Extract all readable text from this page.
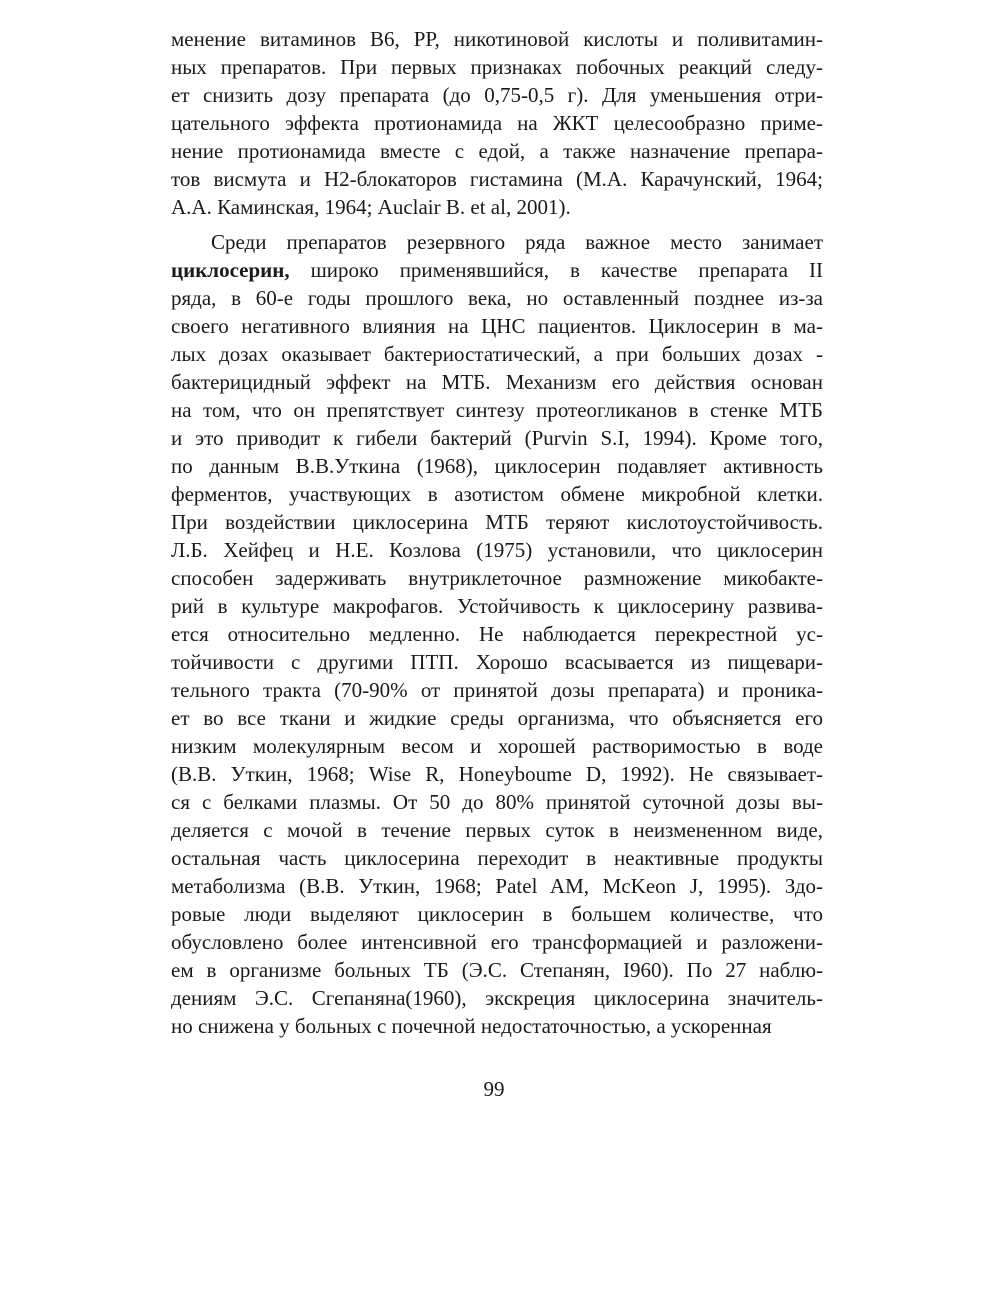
менение витаминов В6, РР, никотиновой кислоты и поливитамин-
ных препаратов. При первых признаках побочных реакций следу-
ет снизить дозу препарата (до 0,75-0,5 г). Для уменьшения отри-
цательного эффекта протионамида на ЖКТ целесообразно приме-
нение протионамида вместе с едой, а также назначение препара-
тов висмута и Н2-блокаторов гистамина (М.А. Карачунский, 1964;
А.А. Каминская, 1964; Auclair B. et al, 2001).
Среди препаратов резервного ряда важное место занимает
циклосерин, широко применявшийся, в качестве препарата II
ряда, в 60-е годы прошлого века, но оставленный позднее из-за
своего негативного влияния на ЦНС пациентов. Циклосерин в ма-
лых дозах оказывает бактериостатический, а при больших дозах -
бактерицидный эффект на МТБ. Механизм его действия основан
на том, что он препятствует синтезу протеогликанов в стенке МТБ
и это приводит к гибели бактерий (Purvin S.I, 1994). Кроме того,
по данным В.В.Уткина (1968), циклосерин подавляет активность
ферментов, участвующих в азотистом обмене микробной клетки.
При воздействии циклосерина МТБ теряют кислотоустойчивость.
Л.Б. Хейфец и Н.Е. Козлова (1975) установили, что циклосерин
способен задерживать внутриклеточное размножение микобакте-
рий в культуре макрофагов. Устойчивость к циклосерину развива-
ется относительно медленно. Не наблюдается перекрестной ус-
тойчивости с другими ПТП. Хорошо всасывается из пищевари-
тельного тракта (70-90% от принятой дозы препарата) и проника-
ет во все ткани и жидкие среды организма, что объясняется его
низким молекулярным весом и хорошей растворимостью в воде
(В.В. Уткин, 1968; Wise R, Honeyboume D, 1992). Не связывает-
ся с белками плазмы. От 50 до 80% принятой суточной дозы вы-
деляется с мочой в течение первых суток в неизмененном виде,
остальная часть циклосерина переходит в неактивные продукты
метаболизма (В.В. Уткин, 1968; Patel AM, McKeon J, 1995). Здо-
ровые люди выделяют циклосерин в большем количестве, что
обусловлено более интенсивной его трансформацией и разложени-
ем в организме больных ТБ (Э.С. Степанян, I960). По 27 наблю-
дениям Э.С. Сгепаняна(1960), экскреция циклосерина значитель-
но снижена у больных с почечной недостаточностью, а ускоренная
99
